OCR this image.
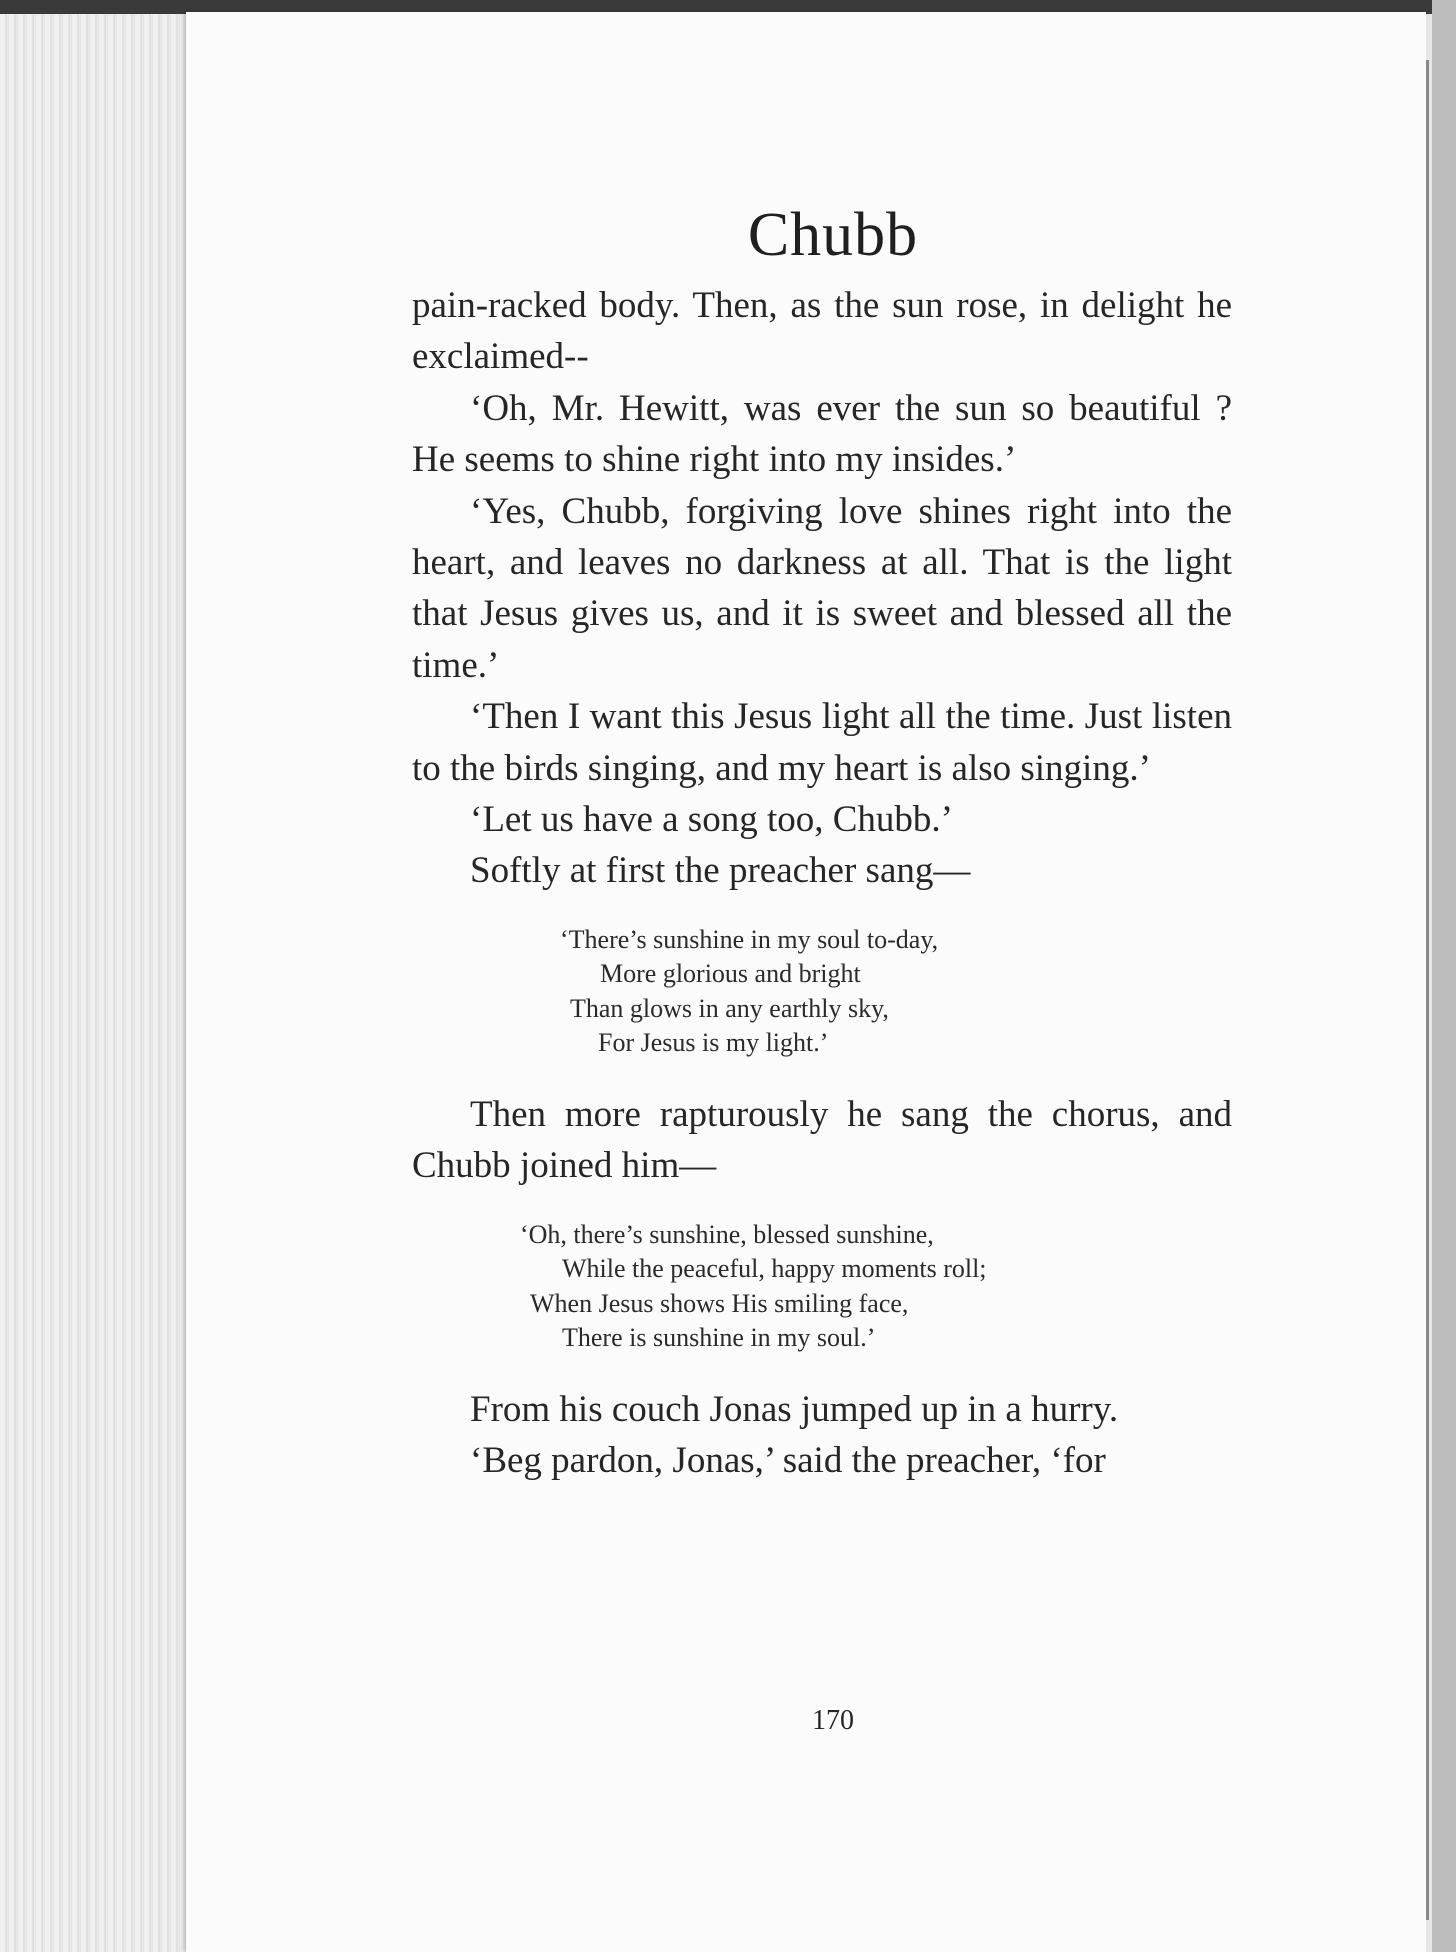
Chubb

pain-racked body. Then, as the sun rose, in delight he exclaimed--

‘Oh, Mr. Hewitt, was ever the sun so beautiful ? He seems to shine right into my insides.’

‘Yes, Chubb, forgiving love shines right into the heart, and leaves no darkness at all. That is the light that Jesus gives us, and it is sweet and blessed all the time.’

‘Then I want this Jesus light all the time. Just listen to the birds singing, and my heart is also singing.’

‘Let us have a song too, Chubb.’

Softly at first the preacher sang—

‘There’s sunshine in my soul to-day,
More glorious and bright
Than glows in any earthly sky,
For Jesus is my light.’

Then more rapturously he sang the chorus, and Chubb joined him—

‘Oh, there’s sunshine, blessed sunshine,
While the peaceful, happy moments roll;
When Jesus shows His smiling face,
There is sunshine in my soul.’

From his couch Jonas jumped up in a hurry.

‘Beg pardon, Jonas,’ said the preacher, ‘for

170
